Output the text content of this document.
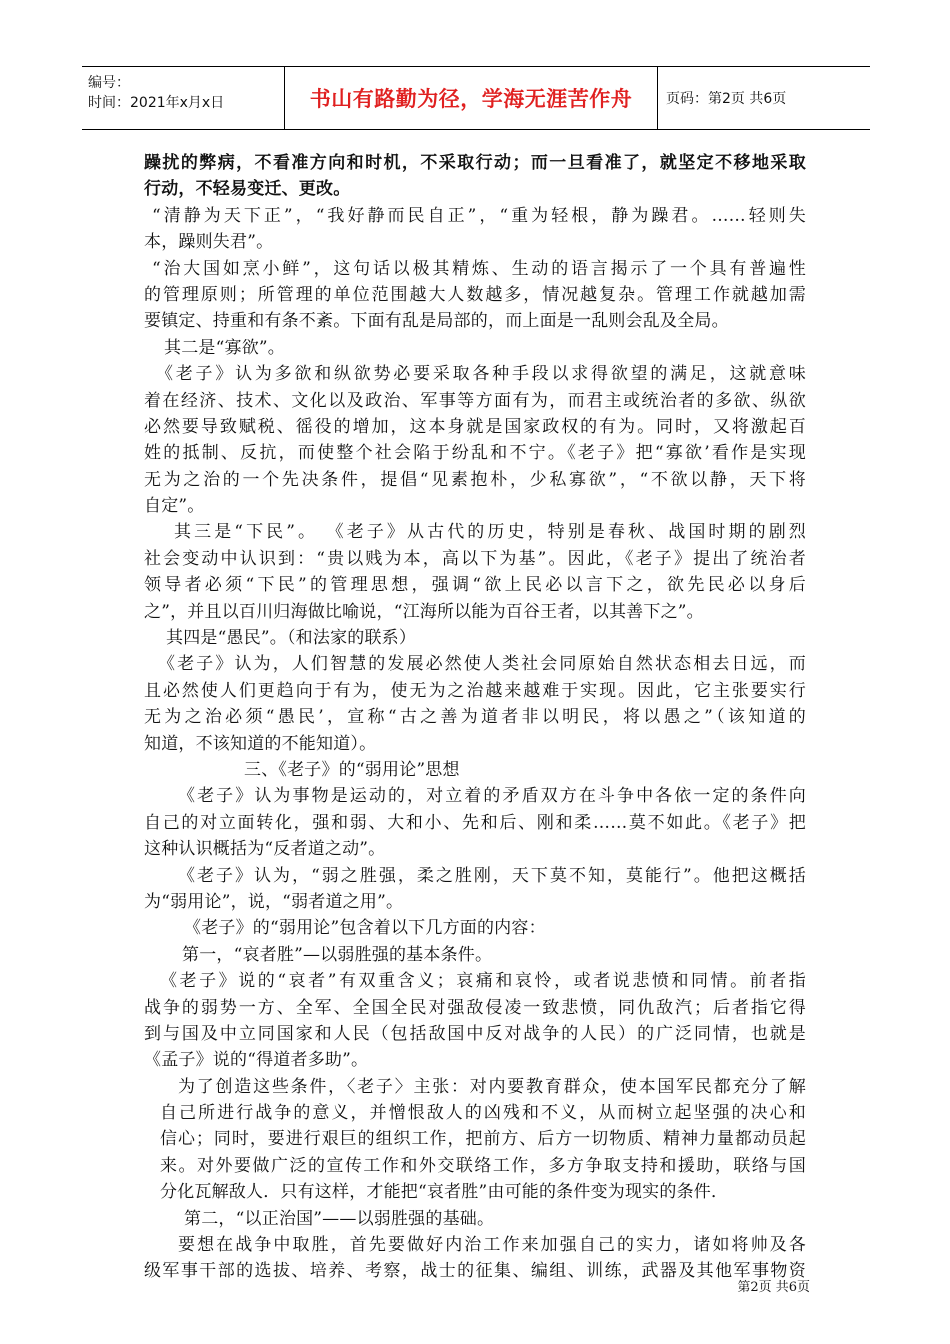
编号：
时间：2021年x月x日	书山有路勤为径，学海无涯苦作舟	页码：第2页 共6页
躁扰的弊病，不看准方向和时机，不采取行动；而一旦看准了，就坚定不移地采取
行动，不轻易变迁、更改。
“清静为天下正”，“我好静而民自正”，“重为轻根，静为躁君。……轻则失
本，躁则失君”。
“治大国如烹小鲜”，这句话以极其精炼、生动的语言揭示了一个具有普遍性
的管理原则；所管理的单位范围越大人数越多，情况越复杂。管理工作就越加需
要镇定、持重和有条不紊。下面有乱是局部的，而上面是一乱则会乱及全局。
其二是“寡欲”。
《老子》认为多欲和纵欲势必要采取各种手段以求得欲望的满足，这就意味
着在经济、技术、文化以及政治、军事等方面有为，而君主或统治者的多欲、纵欲
必然要导致赋税、徭役的增加，这本身就是国家政权的有为。同时，又将激起百
姓的抵制、反抗，而使整个社会陷于纷乱和不宁。《老子》把“寡欲’看作是实现
无为之治的一个先决条件，提倡“见素抱朴，少私寡欲”，“不欲以静，天下将
自定”。
其三是“下民”。 《老子》从古代的历史，特别是春秋、战国时期的剧烈
社会变动中认识到：“贵以贱为本，高以下为基”。因此，《老子》提出了统治者
领导者必须“下民”的管理思想，强调“欲上民必以言下之，欲先民必以身后
之”，并且以百川归海做比喻说，“江海所以能为百谷王者，以其善下之”。
其四是“愚民”。（和法家的联系）
《老子》认为，人们智慧的发展必然使人类社会同原始自然状态相去日远，而
且必然使人们更趋向于有为，使无为之治越来越难于实现。因此，它主张要实行
无为之治必须“愚民’，宣称“古之善为道者非以明民，将以愚之”（该知道的
知道，不该知道的不能知道）。
三、《老子》的“弱用论”思想
《老子》认为事物是运动的，对立着的矛盾双方在斗争中各依一定的条件向
自己的对立面转化，强和弱、大和小、先和后、刚和柔……莫不如此。《老子》把
这种认识概括为“反者道之动”。
《老子》认为，“弱之胜强，柔之胜刚，天下莫不知，莫能行”。他把这概括
为“弱用论”，说，“弱者道之用”。
《老子》的“弱用论”包含着以下几方面的内容：
第一，“哀者胜”—以弱胜强的基本条件。
《老子》说的“哀者”有双重含义；哀痛和哀怜，或者说悲愤和同情。前者指
战争的弱势一方、全军、全国全民对强敌侵凌一致悲愤，同仇敌汽；后者指它得
到与国及中立同国家和人民（包括敌国中反对战争的人民）的广泛同情，也就是
《孟子》说的“得道者多助”。
为了创造这些条件，〈老子〉主张：对内要教育群众，使本国军民都充分了解
自己所进行战争的意义，并憎恨敌人的凶残和不义，从而树立起坚强的决心和
信心；同时，要进行艰巨的组织工作，把前方、后方一切物质、精神力量都动员起
来。对外要做广泛的宣传工作和外交联络工作，多方争取支持和援助，联络与国
分化瓦解敌人．只有这样，才能把“哀者胜”由可能的条件变为现实的条件．
第二，“以正治国”——以弱胜强的基础。
要想在战争中取胜，首先要做好内治工作来加强自己的实力，诸如将帅及各
级军事干部的选拔、培养、考察，战士的征集、编组、训练，武器及其他军事物资
第2页 共6页
